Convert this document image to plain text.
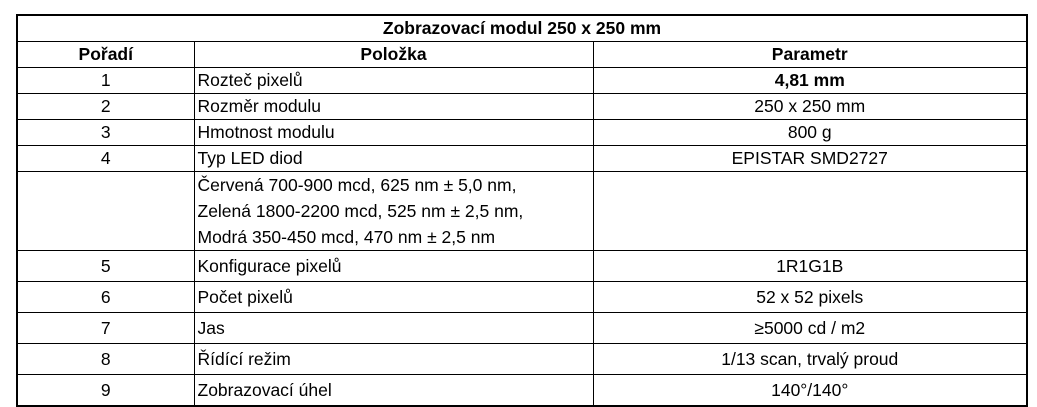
Zobrazovací modul 250 x 250 mm		
Pořadí	Položka	Parametr
1	Rozteč pixelů	4,81 mm
2	Rozměr modulu	250 x 250 mm
3	Hmotnost modulu	800 g
4	Typ LED diod	EPISTAR SMD2727

	Červená 700-900 mcd, 625 nm ± 5,0 nm,
Zelená 1800-2200 mcd, 525 nm ± 2,5 nm,
Modrá 350-450 mcd, 470 nm ± 2,5 nm	

5	Konfigurace pixelů	1R1G1B
6	Počet pixelů	52 x 52 pixels
7	Jas	≥5000 cd / m2
8	Řídící režim	1/13 scan, trvalý proud
9	Zobrazovací úhel	140°/140°
